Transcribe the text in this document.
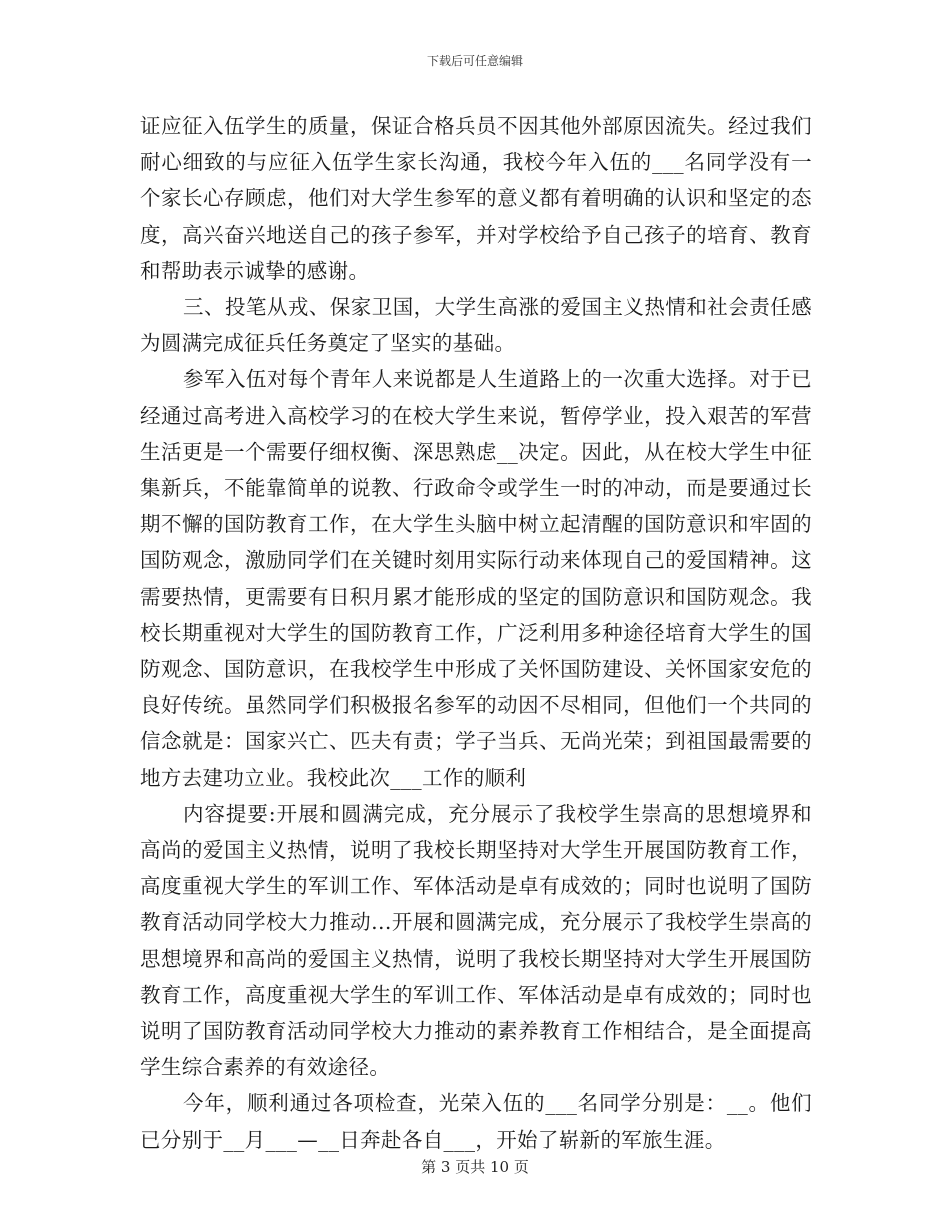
下载后可任意编辑

证应征入伍学生的质量，保证合格兵员不因其他外部原因流失。经过我们耐心细致的与应征入伍学生家长沟通，我校今年入伍的___名同学没有一个家长心存顾虑，他们对大学生参军的意义都有着明确的认识和坚定的态度，高兴奋兴地送自己的孩子参军，并对学校给予自己孩子的培育、教育和帮助表示诚挚的感谢。

三、投笔从戎、保家卫国，大学生高涨的爱国主义热情和社会责任感为圆满完成征兵任务奠定了坚实的基础。

参军入伍对每个青年人来说都是人生道路上的一次重大选择。对于已经通过高考进入高校学习的在校大学生来说，暂停学业，投入艰苦的军营生活更是一个需要仔细权衡、深思熟虑__决定。因此，从在校大学生中征集新兵，不能靠简单的说教、行政命令或学生一时的冲动，而是要通过长期不懈的国防教育工作，在大学生头脑中树立起清醒的国防意识和牢固的国防观念，激励同学们在关键时刻用实际行动来体现自己的爱国精神。这需要热情，更需要有日积月累才能形成的坚定的国防意识和国防观念。我校长期重视对大学生的国防教育工作，广泛利用多种途径培育大学生的国防观念、国防意识，在我校学生中形成了关怀国防建设、关怀国家安危的良好传统。虽然同学们积极报名参军的动因不尽相同，但他们一个共同的信念就是：国家兴亡、匹夫有责；学子当兵、无尚光荣；到祖国最需要的地方去建功立业。我校此次___工作的顺利

内容提要:开展和圆满完成，充分展示了我校学生崇高的思想境界和高尚的爱国主义热情，说明了我校长期坚持对大学生开展国防教育工作，高度重视大学生的军训工作、军体活动是卓有成效的；同时也说明了国防教育活动同学校大力推动...开展和圆满完成，充分展示了我校学生崇高的思想境界和高尚的爱国主义热情，说明了我校长期坚持对大学生开展国防教育工作，高度重视大学生的军训工作、军体活动是卓有成效的；同时也说明了国防教育活动同学校大力推动的素养教育工作相结合，是全面提高学生综合素养的有效途径。

今年，顺利通过各项检查，光荣入伍的___名同学分别是：__。他们已分别于__月___—__日奔赴各自___，开始了崭新的军旅生涯。

第 3 页共 10 页
